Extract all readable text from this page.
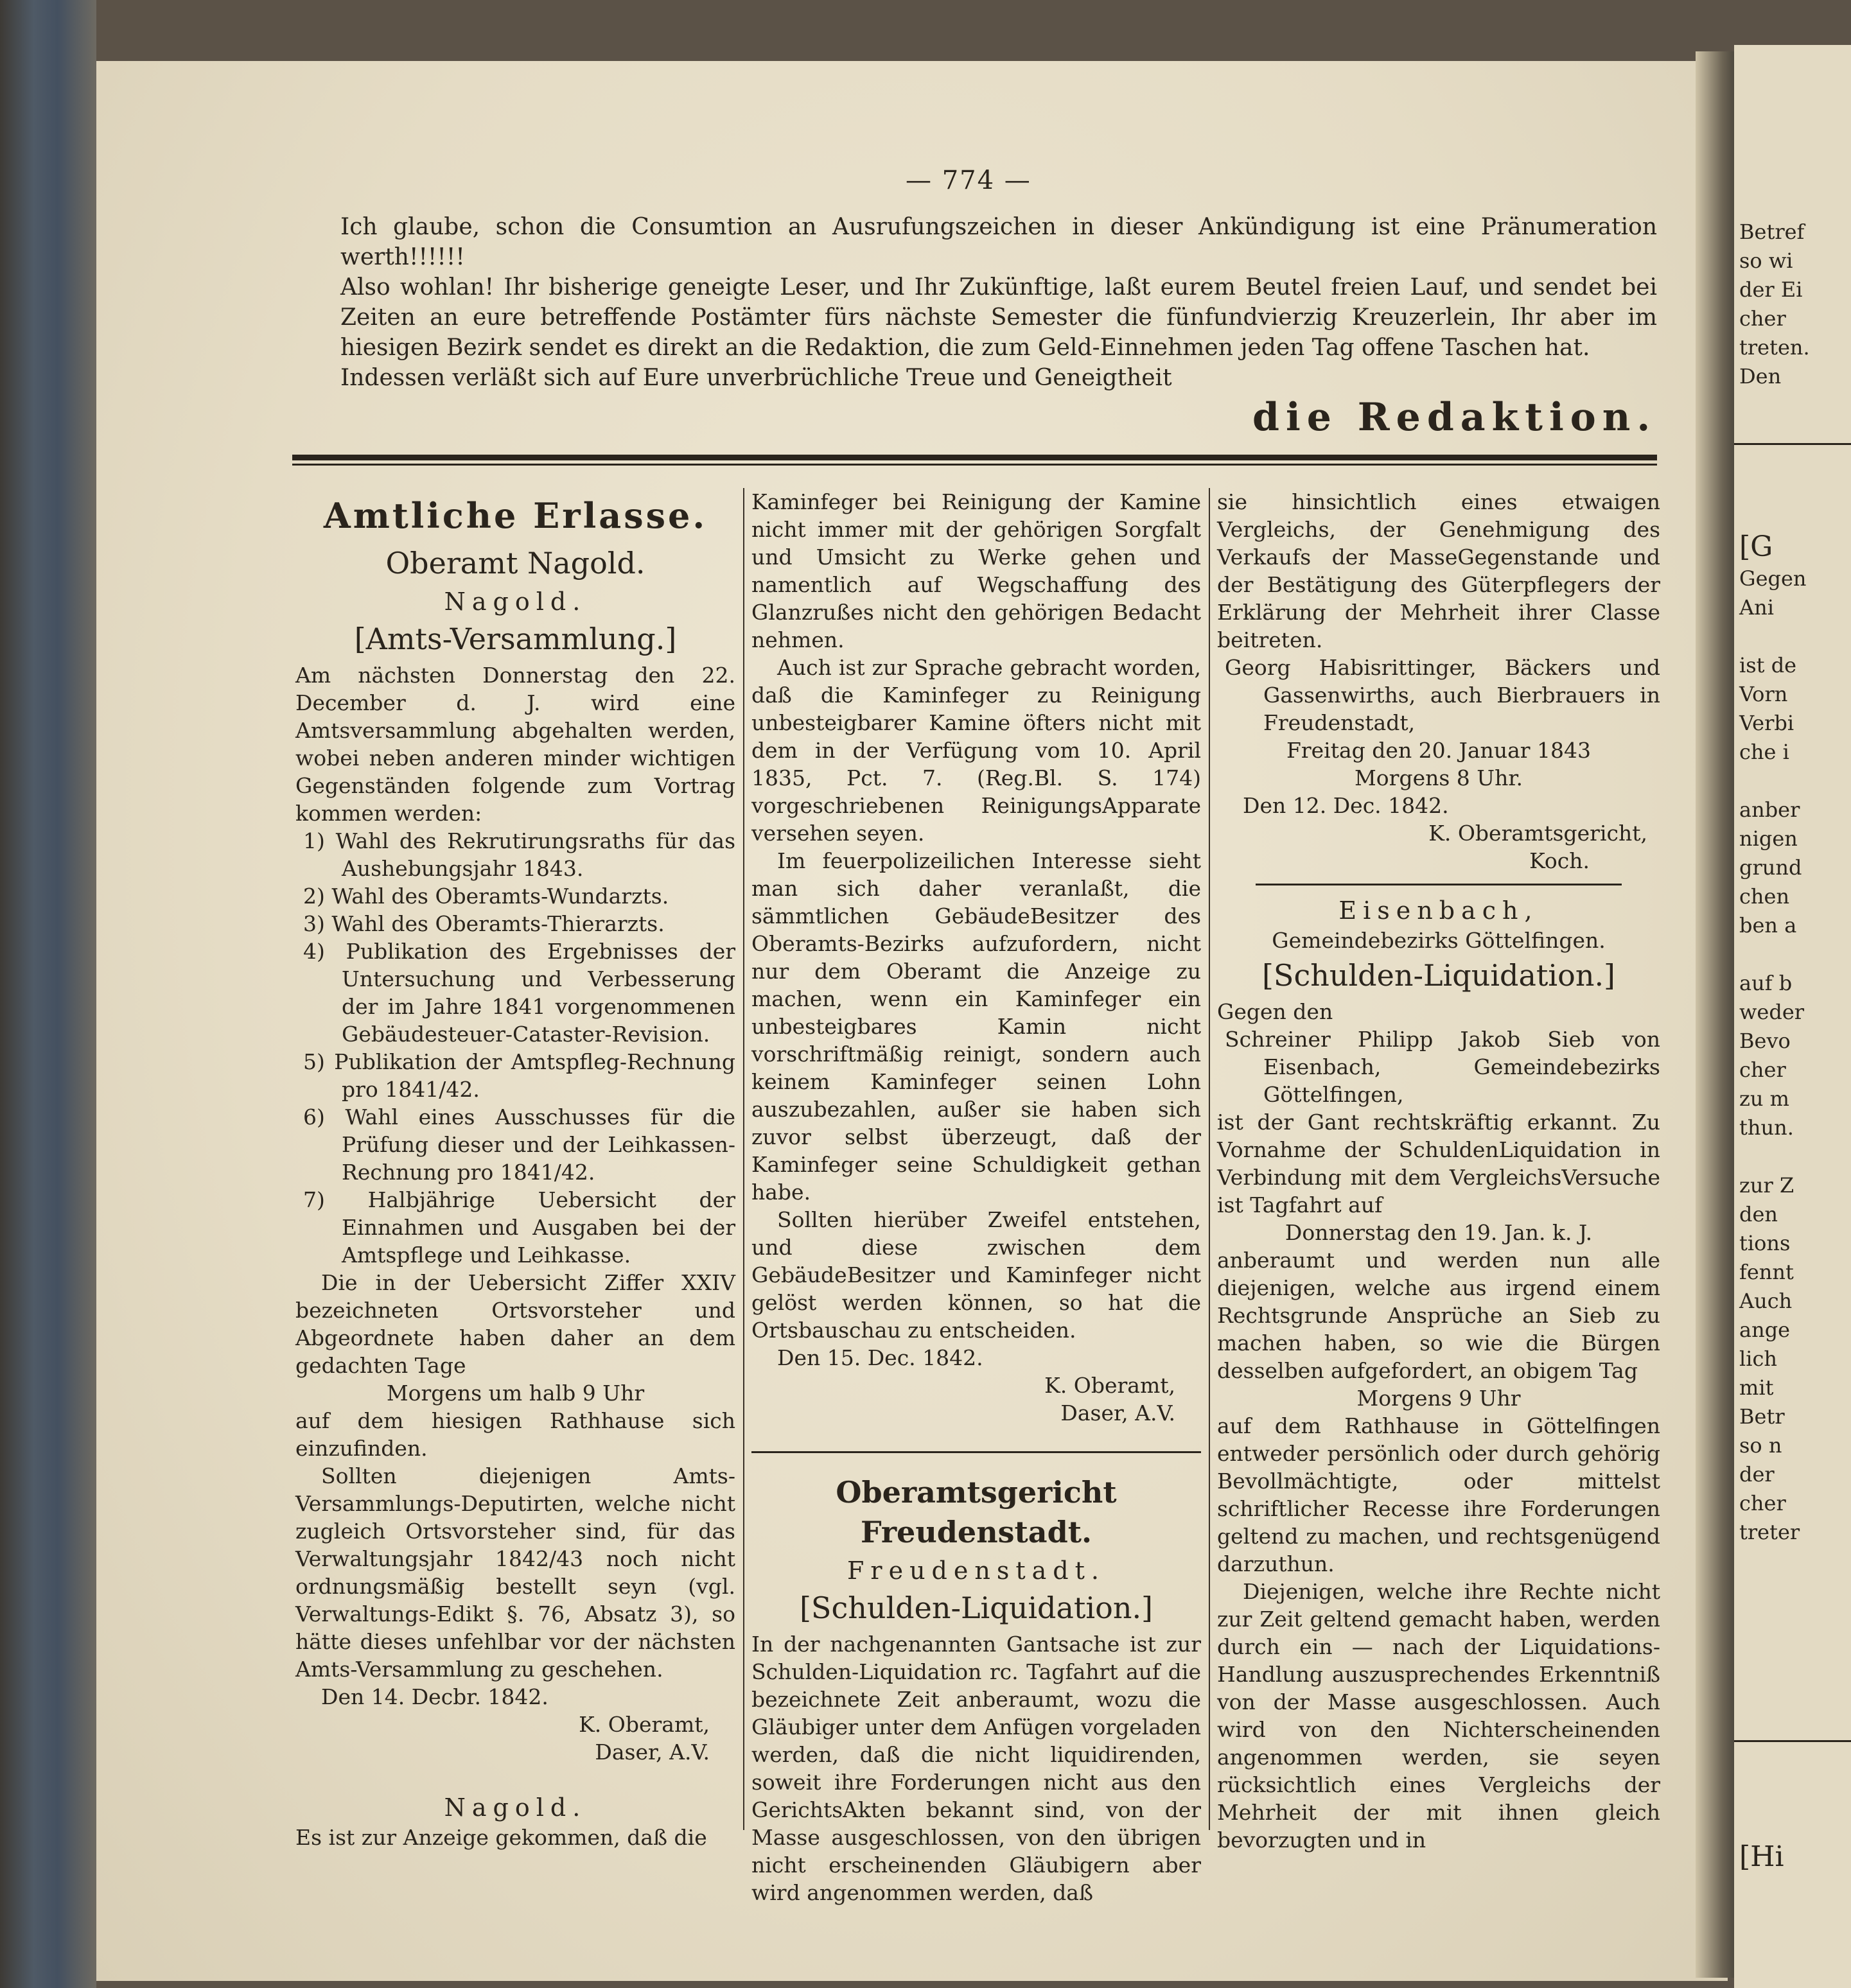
Betref
so wi
der Ei
cher
treten.
Den
[G
Gegen
Ani
ist de
Vorn
Verbi
che i
anber
nigen
grund
chen
ben a
auf b
weder
Bevo
cher
zu m
thun.
zur Z
den
tions
fennt
Auch
ange
lich
mit
Betr
so n
der
cher
treter
[Hi
— 774 —

Ich glaube, schon die Consumtion an Ausrufungszeichen in dieser Ankündigung ist eine Pränumeration werth!!!!!!

Also wohlan! Ihr bisherige geneigte Leser, und Ihr Zukünftige, laßt eurem Beutel freien Lauf, und sendet bei Zeiten an eure betreffende Postämter fürs nächste Semester die fünfundvierzig Kreuzerlein, Ihr aber im hiesigen Bezirk sendet es direkt an die Redaktion, die zum Geld-Einnehmen jeden Tag offene Taschen hat.

Indessen verläßt sich auf Eure unverbrüchliche Treue und Geneigtheit

die Redaktion.
Amtliche Erlasse.
Oberamt Nagold.
Nagold.
[Amts-Versammlung.]

Am nächsten Donnerstag den 22. December d. J. wird eine Amtsversammlung abgehalten werden, wobei neben anderen minder wichtigen Gegenständen folgende zum Vortrag kommen werden:

1) Wahl des Rekrutirungsraths für das Aushebungsjahr 1843.

2) Wahl des Oberamts-Wundarzts.

3) Wahl des Oberamts-Thierarzts.

4) Publikation des Ergebnisses der Untersuchung und Verbesserung der im Jahre 1841 vorgenommenen Gebäudesteuer-Cataster-Revision.

5) Publikation der Amtspfleg-Rechnung pro 1841/42.

6) Wahl eines Ausschusses für die Prüfung dieser und der Leihkassen-Rechnung pro 1841/42.

7) Halbjährige Uebersicht der Einnahmen und Ausgaben bei der Amtspflege und Leihkasse.

Die in der Uebersicht Ziffer XXIV bezeichneten Ortsvorsteher und Abgeordnete haben daher an dem gedachten Tage

Morgens um halb 9 Uhr

auf dem hiesigen Rathhause sich einzufinden.

Sollten diejenigen Amts-Versammlungs-Deputirten, welche nicht zugleich Ortsvorsteher sind, für das Verwaltungsjahr 1842/43 noch nicht ordnungsmäßig bestellt seyn (vgl. Verwaltungs-Edikt §. 76, Absatz 3), so hätte dieses unfehlbar vor der nächsten Amts-Versammlung zu geschehen.

Den 14. Decbr. 1842.

K. Oberamt,

Daser, A.V.

Nagold.

Es ist zur Anzeige gekommen, daß die

Kaminfeger bei Reinigung der Kamine nicht immer mit der gehörigen Sorgfalt und Umsicht zu Werke gehen und namentlich auf Wegschaffung des Glanzrußes nicht den gehörigen Bedacht nehmen.

Auch ist zur Sprache gebracht worden, daß die Kaminfeger zu Reinigung unbesteigbarer Kamine öfters nicht mit dem in der Verfügung vom 10. April 1835, Pct. 7. (Reg.Bl. S. 174) vorgeschriebenen ReinigungsApparate versehen seyen.

Im feuerpolizeilichen Interesse sieht man sich daher veranlaßt, die sämmtlichen GebäudeBesitzer des Oberamts-Bezirks aufzufordern, nicht nur dem Oberamt die Anzeige zu machen, wenn ein Kaminfeger ein unbesteigbares Kamin nicht vorschriftmäßig reinigt, sondern auch keinem Kaminfeger seinen Lohn auszubezahlen, außer sie haben sich zuvor selbst überzeugt, daß der Kaminfeger seine Schuldigkeit gethan habe.

Sollten hierüber Zweifel entstehen, und diese zwischen dem GebäudeBesitzer und Kaminfeger nicht gelöst werden können, so hat die Ortsbauschau zu entscheiden.

Den 15. Dec. 1842.

K. Oberamt,

Daser, A.V.

Oberamtsgericht Freudenstadt.
Freudenstadt.
[Schulden-Liquidation.]

In der nachgenannten Gantsache ist zur Schulden-Liquidation rc. Tagfahrt auf die bezeichnete Zeit anberaumt, wozu die Gläubiger unter dem Anfügen vorgeladen werden, daß die nicht liquidirenden, soweit ihre Forderungen nicht aus den GerichtsAkten bekannt sind, von der Masse ausgeschlossen, von den übrigen nicht erscheinenden Gläubigern aber wird angenommen werden, daß

sie hinsichtlich eines etwaigen Vergleichs, der Genehmigung des Verkaufs der MasseGegenstande und der Bestätigung des Güterpflegers der Erklärung der Mehrheit ihrer Classe beitreten.

Georg Habisrittinger, Bäckers und Gassenwirths, auch Bierbrauers in Freudenstadt,

Freitag den 20. Januar 1843

Morgens 8 Uhr.

Den 12. Dec. 1842.

K. Oberamtsgericht,

Koch.

Eisenbach,

Gemeindebezirks Göttelfingen.

[Schulden-Liquidation.]

Gegen den

Schreiner Philipp Jakob Sieb von Eisenbach, Gemeindebezirks Göttelfingen,

ist der Gant rechtskräftig erkannt. Zu Vornahme der SchuldenLiquidation in Verbindung mit dem VergleichsVersuche ist Tagfahrt auf

Donnerstag den 19. Jan. k. J.

anberaumt und werden nun alle diejenigen, welche aus irgend einem Rechtsgrunde Ansprüche an Sieb zu machen haben, so wie die Bürgen desselben aufgefordert, an obigem Tag

Morgens 9 Uhr

auf dem Rathhause in Göttelfingen entweder persönlich oder durch gehörig Bevollmächtigte, oder mittelst schriftlicher Recesse ihre Forderungen geltend zu machen, und rechtsgenügend darzuthun.

Diejenigen, welche ihre Rechte nicht zur Zeit geltend gemacht haben, werden durch ein — nach der Liquidations-Handlung auszusprechendes Erkenntniß von der Masse ausgeschlossen. Auch wird von den Nichterscheinenden angenommen werden, sie seyen rücksichtlich eines Vergleichs der Mehrheit der mit ihnen gleich bevorzugten und in
